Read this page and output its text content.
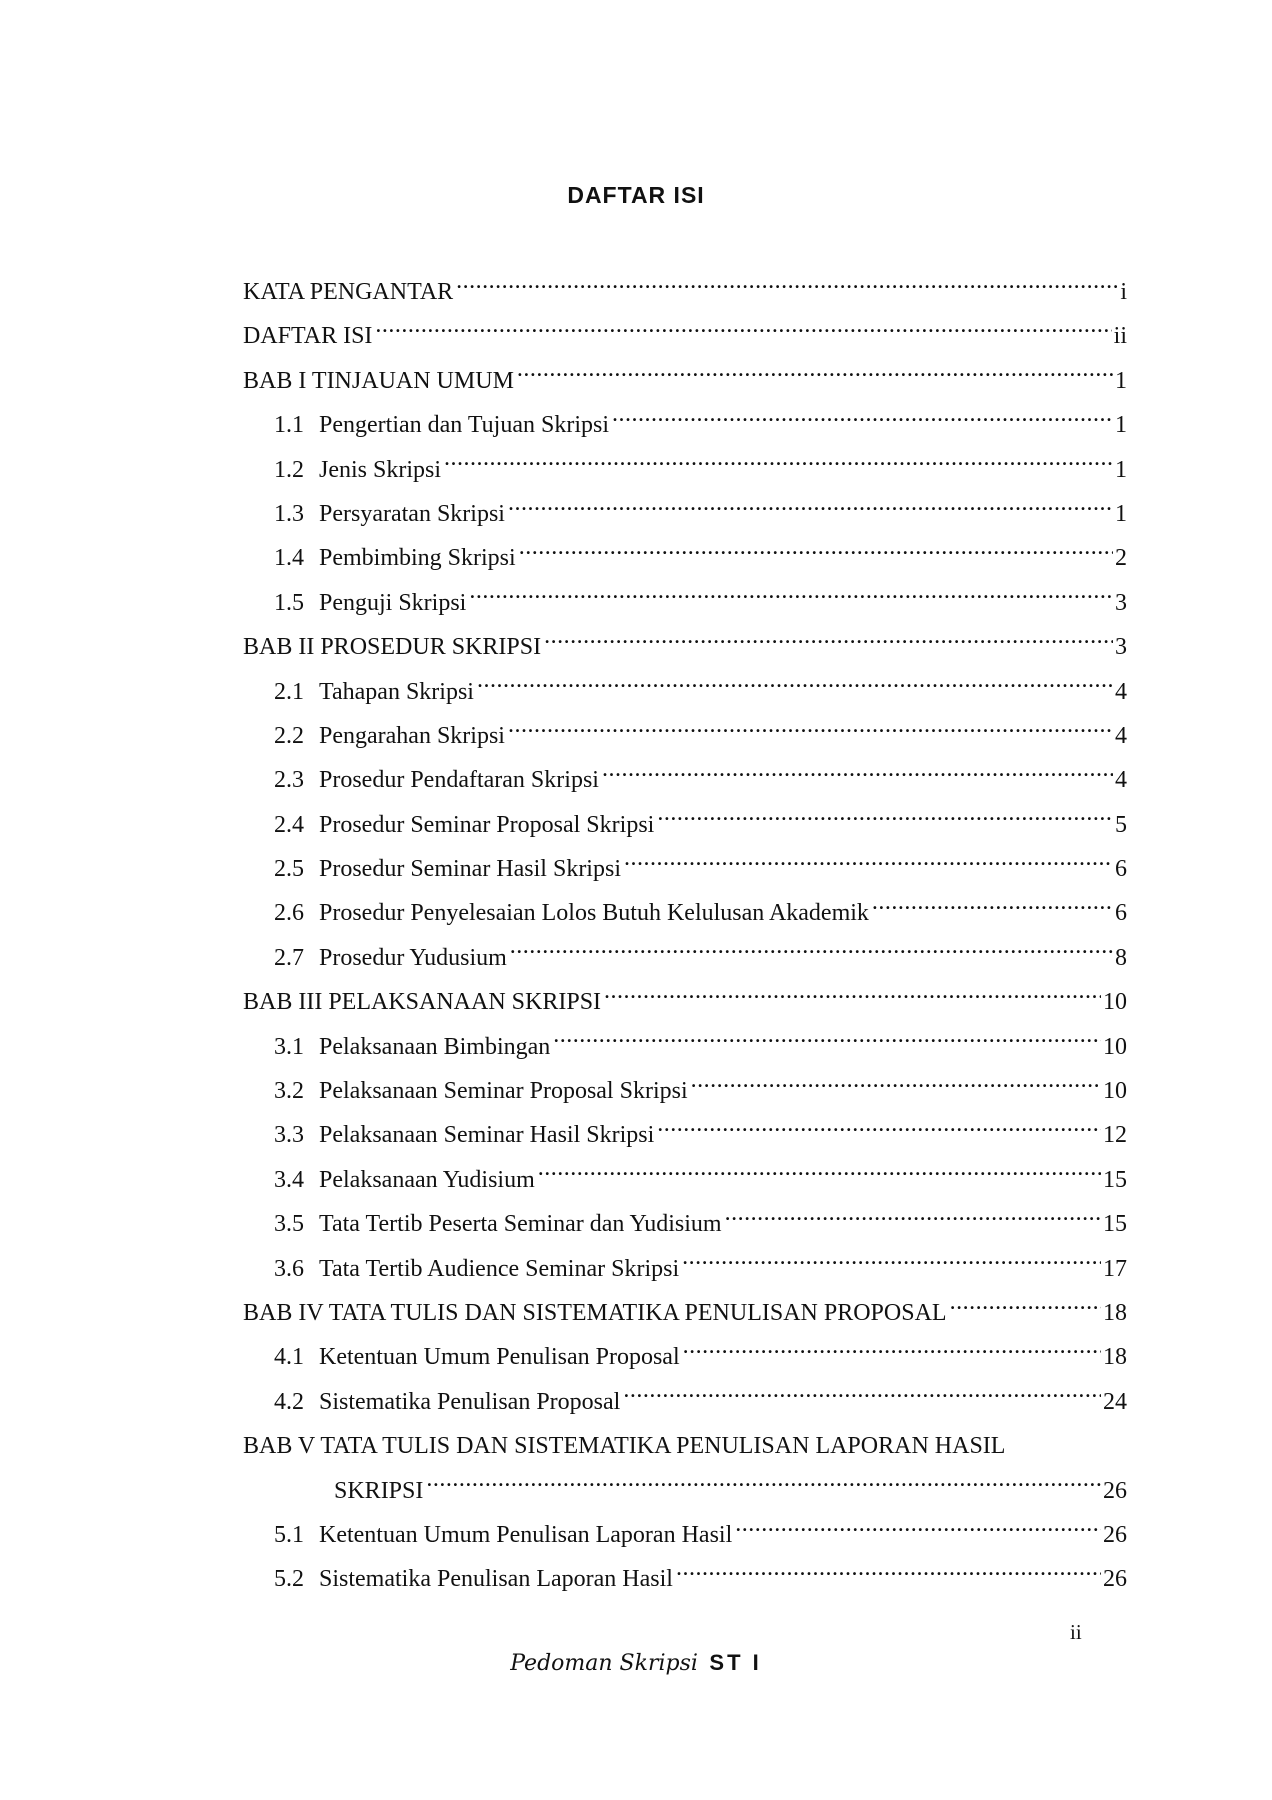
DAFTAR ISI
KATA PENGANTAR .....	i
DAFTAR ISI .....	ii
BAB I TINJAUAN UMUM .....	1
1.1 Pengertian dan Tujuan Skripsi .....	1
1.2 Jenis Skripsi .....	1
1.3 Persyaratan Skripsi .....	1
1.4 Pembimbing Skripsi .....	2
1.5 Penguji Skripsi .....	3
BAB II PROSEDUR SKRIPSI .....	3
2.1 Tahapan Skripsi .....	4
2.2 Pengarahan Skripsi .....	4
2.3 Prosedur Pendaftaran Skripsi .....	4
2.4 Prosedur Seminar Proposal Skripsi .....	5
2.5 Prosedur Seminar Hasil Skripsi .....	6
2.6 Prosedur Penyelesaian Lolos Butuh Kelulusan Akademik .....	6
2.7 Prosedur Yudusium .....	8
BAB III PELAKSANAAN SKRIPSI .....	10
3.1 Pelaksanaan Bimbingan .....	10
3.2 Pelaksanaan Seminar Proposal Skripsi .....	10
3.3 Pelaksanaan Seminar Hasil Skripsi .....	12
3.4 Pelaksanaan Yudisium .....	15
3.5 Tata Tertib Peserta Seminar dan Yudisium .....	15
3.6 Tata Tertib Audience Seminar Skripsi .....	17
BAB IV TATA TULIS DAN SISTEMATIKA PENULISAN PROPOSAL .....	18
4.1 Ketentuan Umum Penulisan Proposal .....	18
4.2 Sistematika Penulisan Proposal .....	24
BAB V TATA TULIS DAN SISTEMATIKA PENULISAN LAPORAN HASIL
SKRIPSI .....	26
5.1 Ketentuan Umum Penulisan Laporan Hasil .....	26
5.2 Sistematika Penulisan Laporan Hasil .....	26
ii
Pedoman Skripsi ST I
